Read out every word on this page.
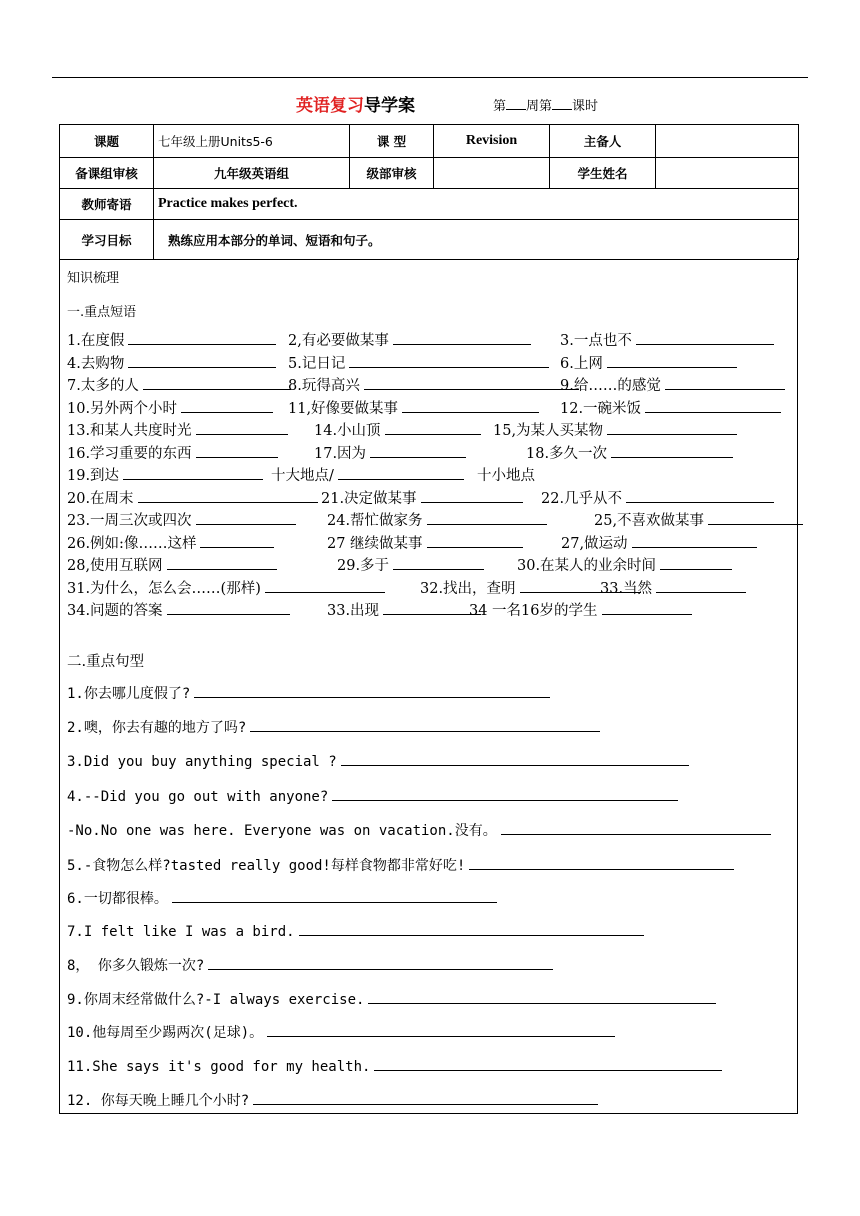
英语复习导学案	第 周第 课时
课题	七年级上册Units5-6	课 型	Revision	主备人	
备课组审核	九年级英语组	级部审核		学生姓名	
教师寄语	Practice makes perfect.				
学习目标	熟练应用本部分的单词、短语和句子。				
知识梳理
一.重点短语
1.在度假	2,有必要做某事	3.一点也不
4.去购物	5.记日记	6.上网
7.太多的人	8.玩得高兴	9.给……的感觉
10.另外两个小时	11,好像要做某事	12.一碗米饭
13.和某人共度时光	14.小山顶	15,为某人买某物
16.学习重要的东西	17.因为	18.多久一次
19.到达	十大地点/	十小地点
20.在周末	21.决定做某事	22.几乎从不
23.一周三次或四次	24.帮忙做家务	25,不喜欢做某事
26.例如:像……这样	27 继续做某事	27,做运动
28,使用互联网	29.多于	30.在某人的业余时间
31.为什么，怎么会……(那样)	32.找出，查明	33.当然
34.问题的答案	33.出现	34 一名16岁的学生
二.重点句型
1.你去哪儿度假了?
2.噢，你去有趣的地方了吗?
3.Did you buy anything special ?
4.--Did you go out with anyone?
-No.No one was here. Everyone was on vacation.没有。
5.-食物怎么样?tasted really good!每样食物都非常好吃!
6.一切都很棒。
7.I felt like I was a bird.
8， 你多久锻炼一次?
9.你周末经常做什么?-I always exercise.
10.他每周至少踢两次(足球)。
11.She says it's good for my health.
12. 你每天晚上睡几个小时?
